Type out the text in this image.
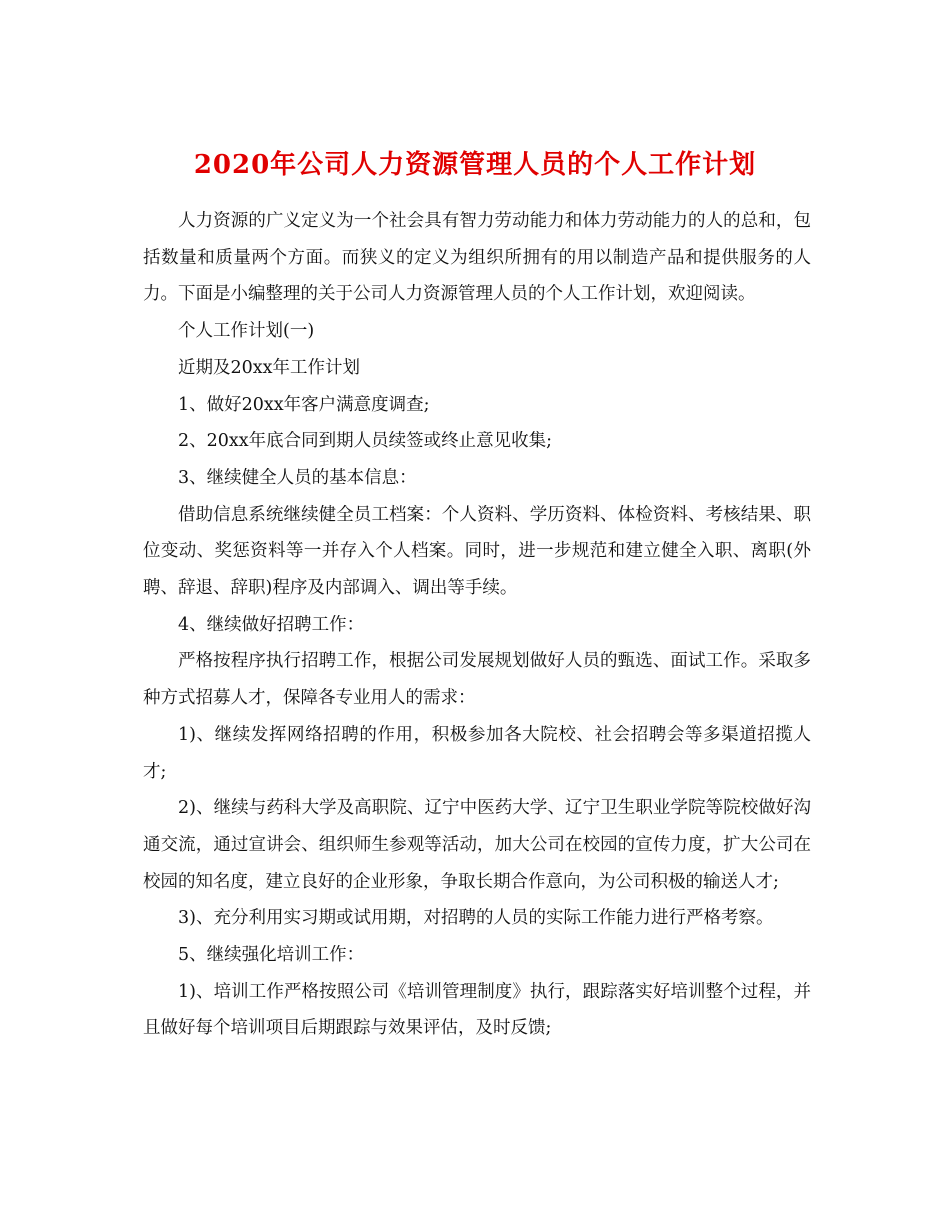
2020年公司人力资源管理人员的个人工作计划

人力资源的广义定义为一个社会具有智力劳动能力和体力劳动能力的人的总和，包括数量和质量两个方面。而狭义的定义为组织所拥有的用以制造产品和提供服务的人力。下面是小编整理的关于公司人力资源管理人员的个人工作计划，欢迎阅读。

个人工作计划(一)

近期及20xx年工作计划

1、做好20xx年客户满意度调查;

2、20xx年底合同到期人员续签或终止意见收集;

3、继续健全人员的基本信息：

借助信息系统继续健全员工档案：个人资料、学历资料、体检资料、考核结果、职位变动、奖惩资料等一并存入个人档案。同时，进一步规范和建立健全入职、离职(外聘、辞退、辞职)程序及内部调入、调出等手续。

4、继续做好招聘工作：

严格按程序执行招聘工作，根据公司发展规划做好人员的甄选、面试工作。采取多种方式招募人才，保障各专业用人的需求：

1)、继续发挥网络招聘的作用，积极参加各大院校、社会招聘会等多渠道招揽人才;

2)、继续与药科大学及高职院、辽宁中医药大学、辽宁卫生职业学院等院校做好沟通交流，通过宣讲会、组织师生参观等活动，加大公司在校园的宣传力度，扩大公司在校园的知名度，建立良好的企业形象，争取长期合作意向，为公司积极的输送人才;

3)、充分利用实习期或试用期，对招聘的人员的实际工作能力进行严格考察。

5、继续强化培训工作：

1)、培训工作严格按照公司《培训管理制度》执行，跟踪落实好培训整个过程，并且做好每个培训项目后期跟踪与效果评估，及时反馈;
